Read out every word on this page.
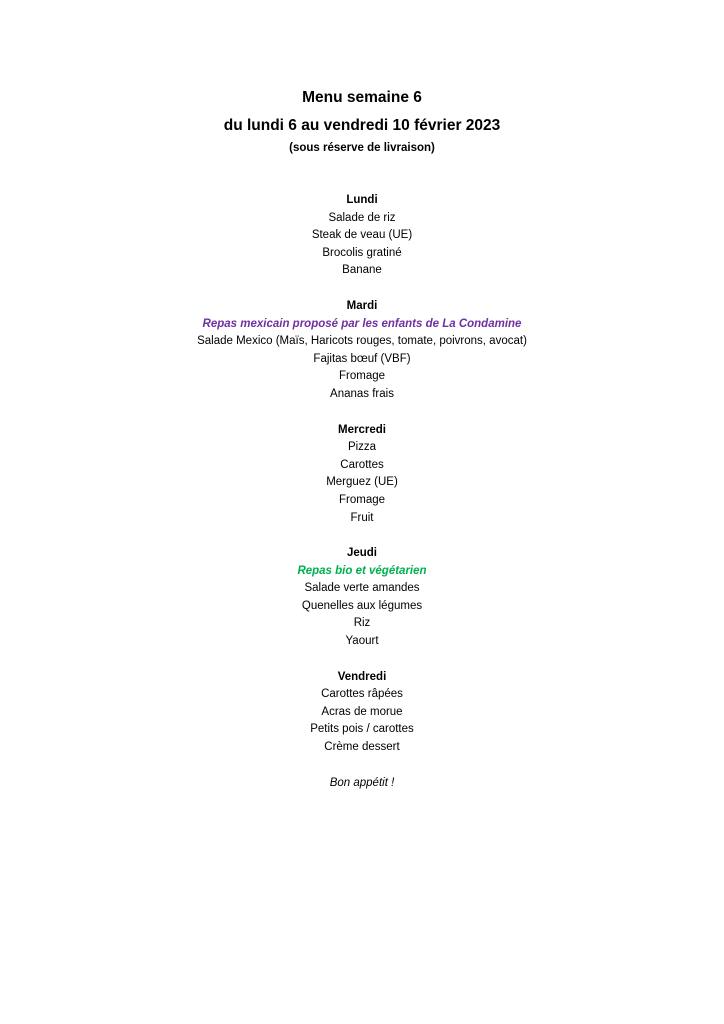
Menu semaine 6
du lundi 6 au vendredi 10 février 2023
(sous réserve de livraison)
Lundi
Salade de riz
Steak de veau (UE)
Brocolis gratiné
Banane
Mardi
Repas mexicain proposé par les enfants de La Condamine
Salade Mexico (Maïs, Haricots rouges, tomate, poivrons, avocat)
Fajitas bœuf (VBF)
Fromage
Ananas frais
Mercredi
Pizza
Carottes
Merguez (UE)
Fromage
Fruit
Jeudi
Repas bio et végétarien
Salade verte amandes
Quenelles aux légumes
Riz
Yaourt
Vendredi
Carottes râpées
Acras de morue
Petits pois / carottes
Crème dessert
Bon appétit !
